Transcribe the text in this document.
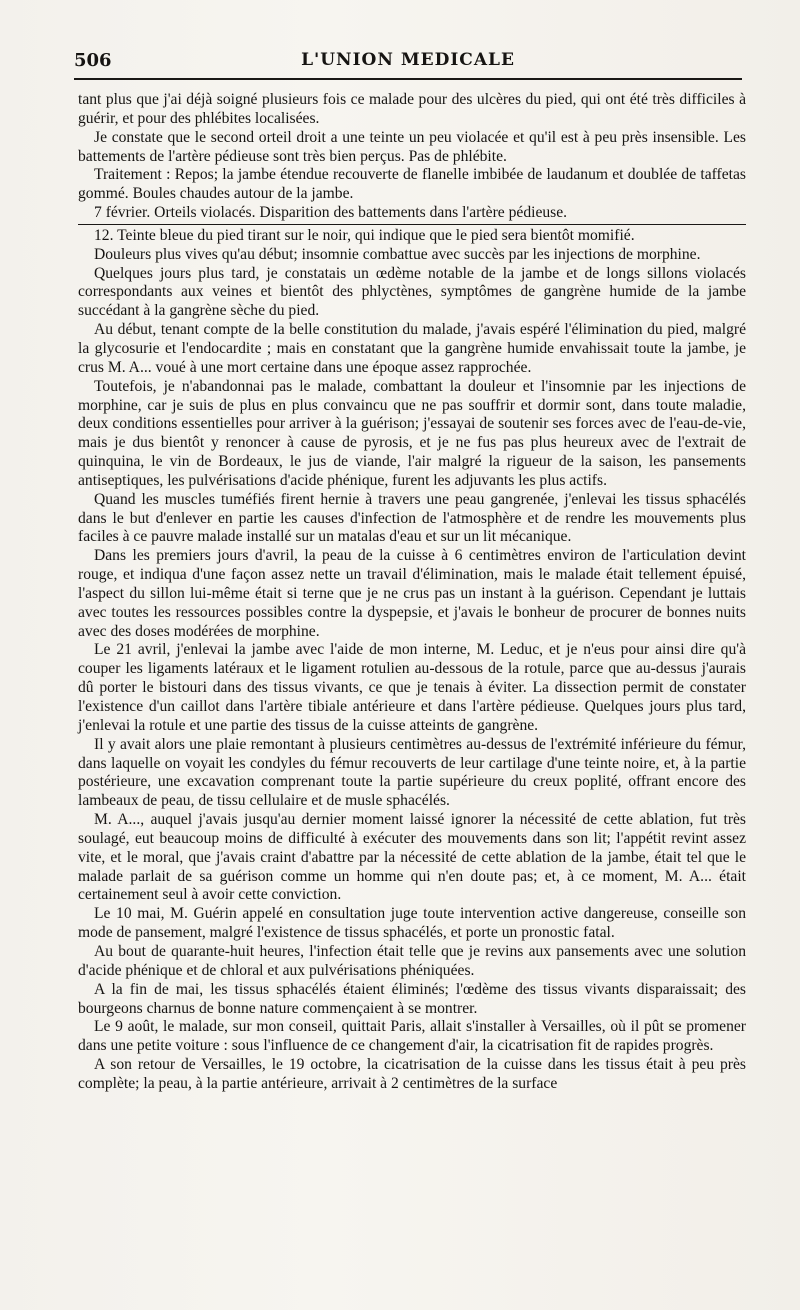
506	L'UNION MEDICALE

tant plus que j'ai déjà soigné plusieurs fois ce malade pour des ulcères du pied, qui ont été très difficiles à guérir, et pour des phlébites localisées.

Je constate que le second orteil droit a une teinte un peu violacée et qu'il est à peu près insensible. Les battements de l'artère pédieuse sont très bien perçus. Pas de phlébite.

Traitement : Repos; la jambe étendue recouverte de flanelle imbibée de laudanum et doublée de taffetas gommé. Boules chaudes autour de la jambe.

7 février. Orteils violacés. Disparition des battements dans l'artère pédieuse.

12. Teinte bleue du pied tirant sur le noir, qui indique que le pied sera bientôt momifié.

Douleurs plus vives qu'au début; insomnie combattue avec succès par les injections de morphine.

Quelques jours plus tard, je constatais un œdème notable de la jambe et de longs sillons violacés correspondants aux veines et bientôt des phlyctènes, symptômes de gangrène humide de la jambe succédant à la gangrène sèche du pied.

Au début, tenant compte de la belle constitution du malade, j'avais espéré l'élimination du pied, malgré la glycosurie et l'endocardite ; mais en constatant que la gangrène humide envahissait toute la jambe, je crus M. A... voué à une mort certaine dans une époque assez rapprochée.

Toutefois, je n'abandonnai pas le malade, combattant la douleur et l'insomnie par les injections de morphine, car je suis de plus en plus convaincu que ne pas souffrir et dormir sont, dans toute maladie, deux conditions essentielles pour arriver à la guérison; j'essayai de soutenir ses forces avec de l'eau-de-vie, mais je dus bientôt y renoncer à cause de pyrosis, et je ne fus pas plus heureux avec de l'extrait de quinquina, le vin de Bordeaux, le jus de viande, l'air malgré la rigueur de la saison, les pansements antiseptiques, les pulvérisations d'acide phénique, furent les adjuvants les plus actifs.

Quand les muscles tuméfiés firent hernie à travers une peau gangrenée, j'enlevai les tissus sphacélés dans le but d'enlever en partie les causes d'infection de l'atmosphère et de rendre les mouvements plus faciles à ce pauvre malade installé sur un matalas d'eau et sur un lit mécanique.

Dans les premiers jours d'avril, la peau de la cuisse à 6 centimètres environ de l'articulation devint rouge, et indiqua d'une façon assez nette un travail d'élimination, mais le malade était tellement épuisé, l'aspect du sillon lui-même était si terne que je ne crus pas un instant à la guérison. Cependant je luttais avec toutes les ressources possibles contre la dyspepsie, et j'avais le bonheur de procurer de bonnes nuits avec des doses modérées de morphine.

Le 21 avril, j'enlevai la jambe avec l'aide de mon interne, M. Leduc, et je n'eus pour ainsi dire qu'à couper les ligaments latéraux et le ligament rotulien au-dessous de la rotule, parce que au-dessus j'aurais dû porter le bistouri dans des tissus vivants, ce que je tenais à éviter. La dissection permit de constater l'existence d'un caillot dans l'artère tibiale antérieure et dans l'artère pédieuse. Quelques jours plus tard, j'enlevai la rotule et une partie des tissus de la cuisse atteints de gangrène.

Il y avait alors une plaie remontant à plusieurs centimètres au-dessus de l'extrémité inférieure du fémur, dans laquelle on voyait les condyles du fémur recouverts de leur cartilage d'une teinte noire, et, à la partie postérieure, une excavation comprenant toute la partie supérieure du creux poplité, offrant encore des lambeaux de peau, de tissu cellulaire et de musle sphacélés.

M. A..., auquel j'avais jusqu'au dernier moment laissé ignorer la nécessité de cette ablation, fut très soulagé, eut beaucoup moins de difficulté à exécuter des mouvements dans son lit; l'appétit revint assez vite, et le moral, que j'avais craint d'abattre par la nécessité de cette ablation de la jambe, était tel que le malade parlait de sa guérison comme un homme qui n'en doute pas; et, à ce moment, M. A... était certainement seul à avoir cette conviction.

Le 10 mai, M. Guérin appelé en consultation juge toute intervention active dangereuse, conseille son mode de pansement, malgré l'existence de tissus sphacélés, et porte un pronostic fatal.

Au bout de quarante-huit heures, l'infection était telle que je revins aux pansements avec une solution d'acide phénique et de chloral et aux pulvérisations phéniquées.

A la fin de mai, les tissus sphacélés étaient éliminés; l'œdème des tissus vivants disparaissait; des bourgeons charnus de bonne nature commençaient à se montrer.

Le 9 août, le malade, sur mon conseil, quittait Paris, allait s'installer à Versailles, où il pût se promener dans une petite voiture : sous l'influence de ce changement d'air, la cicatrisation fit de rapides progrès.

A son retour de Versailles, le 19 octobre, la cicatrisation de la cuisse dans les tissus était à peu près complète; la peau, à la partie antérieure, arrivait à 2 centimètres de la surface
